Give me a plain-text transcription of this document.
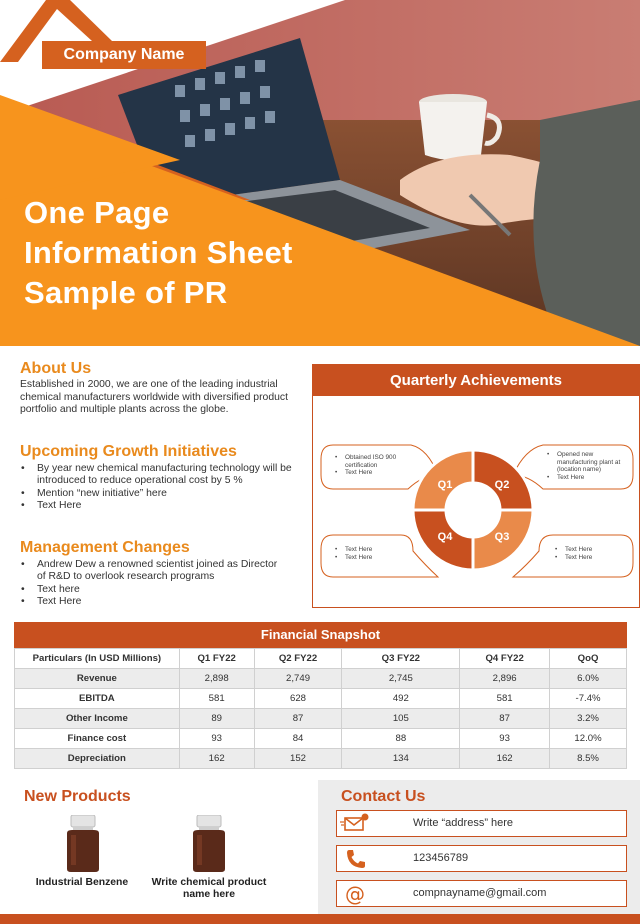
Company Name
One Page
Information Sheet
Sample of PR
About Us
Established in 2000, we are one of the leading industrial chemical manufacturers worldwide with diversified product portfolio and multiple plants across the globe.
Upcoming Growth Initiatives
• By year new chemical manufacturing technology will be introduced to reduce operational cost by 5 %
• Mention “new initiative” here
• Text Here
Management Changes
• Andrew Dew a renowned scientist joined as Director of R&D to overlook research programs
• Text here
• Text Here
Quarterly Achievements
Q1	Q2
Q3
Q4
• Obtained ISO 900 certification
• Text Here
• Opened new manufacturing plant at (location name)
• Text Here
• Text Here
• Text Here
• Text Here
• Text Here
Financial Snapshot
Particulars (In USD Millions)	Q1 FY22	Q2 FY22	Q3 FY22	Q4 FY22	QoQ
Revenue	2,898	2,749	2,745	2,896	6.0%
EBITDA	581	628	492	581	-7.4%
Other Income	89	87	105	87	3.2%
Finance cost	93	84	88	93	12.0%
Depreciation	162	152	134	162	8.5%
New Products
Industrial Benzene	Write chemical product name here
Contact Us
Write “address” here
123456789
@	compnayname@gmail.com
